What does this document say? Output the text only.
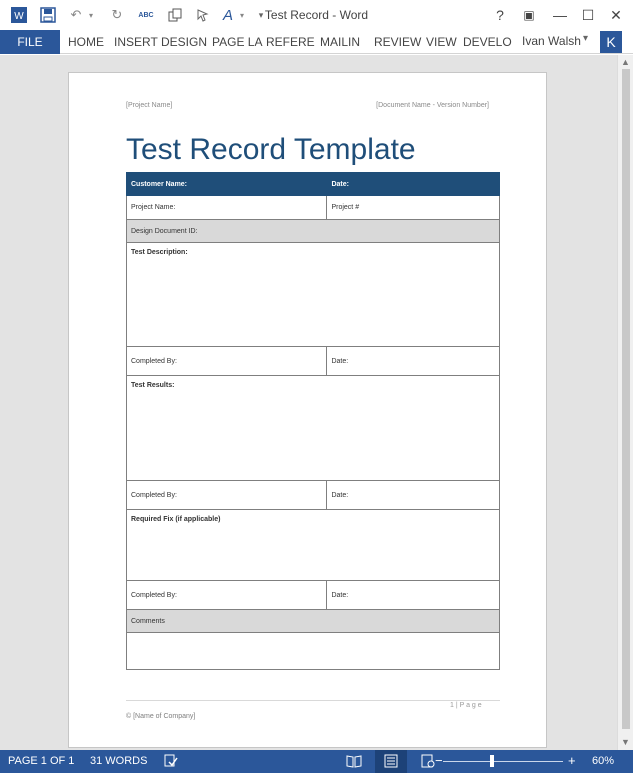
W	↶ ▾ ↻ ABC	A ▾	▾ Test Record - Word	?	▣	—	☐	✕
FILE	HOME INSERT DESIGN PAGE LA REFERE MAILIN REVIEW VIEW DEVELO Ivan Walsh ▾	K
[Project Name]	[Document Name - Version Number]
Test Record Template
Customer Name:	Date:
Project Name:	Project #
Design Document ID:	
Test Description:	
Completed By:	Date:
Test Results:	
Completed By:	Date:
Required Fix (if applicable)	
Completed By:	Date:
Comments	

1 | P a g e
© [Name of Company]
▲
▼
PAGE 1 OF 1 31 WORDS	−	+ 60%
